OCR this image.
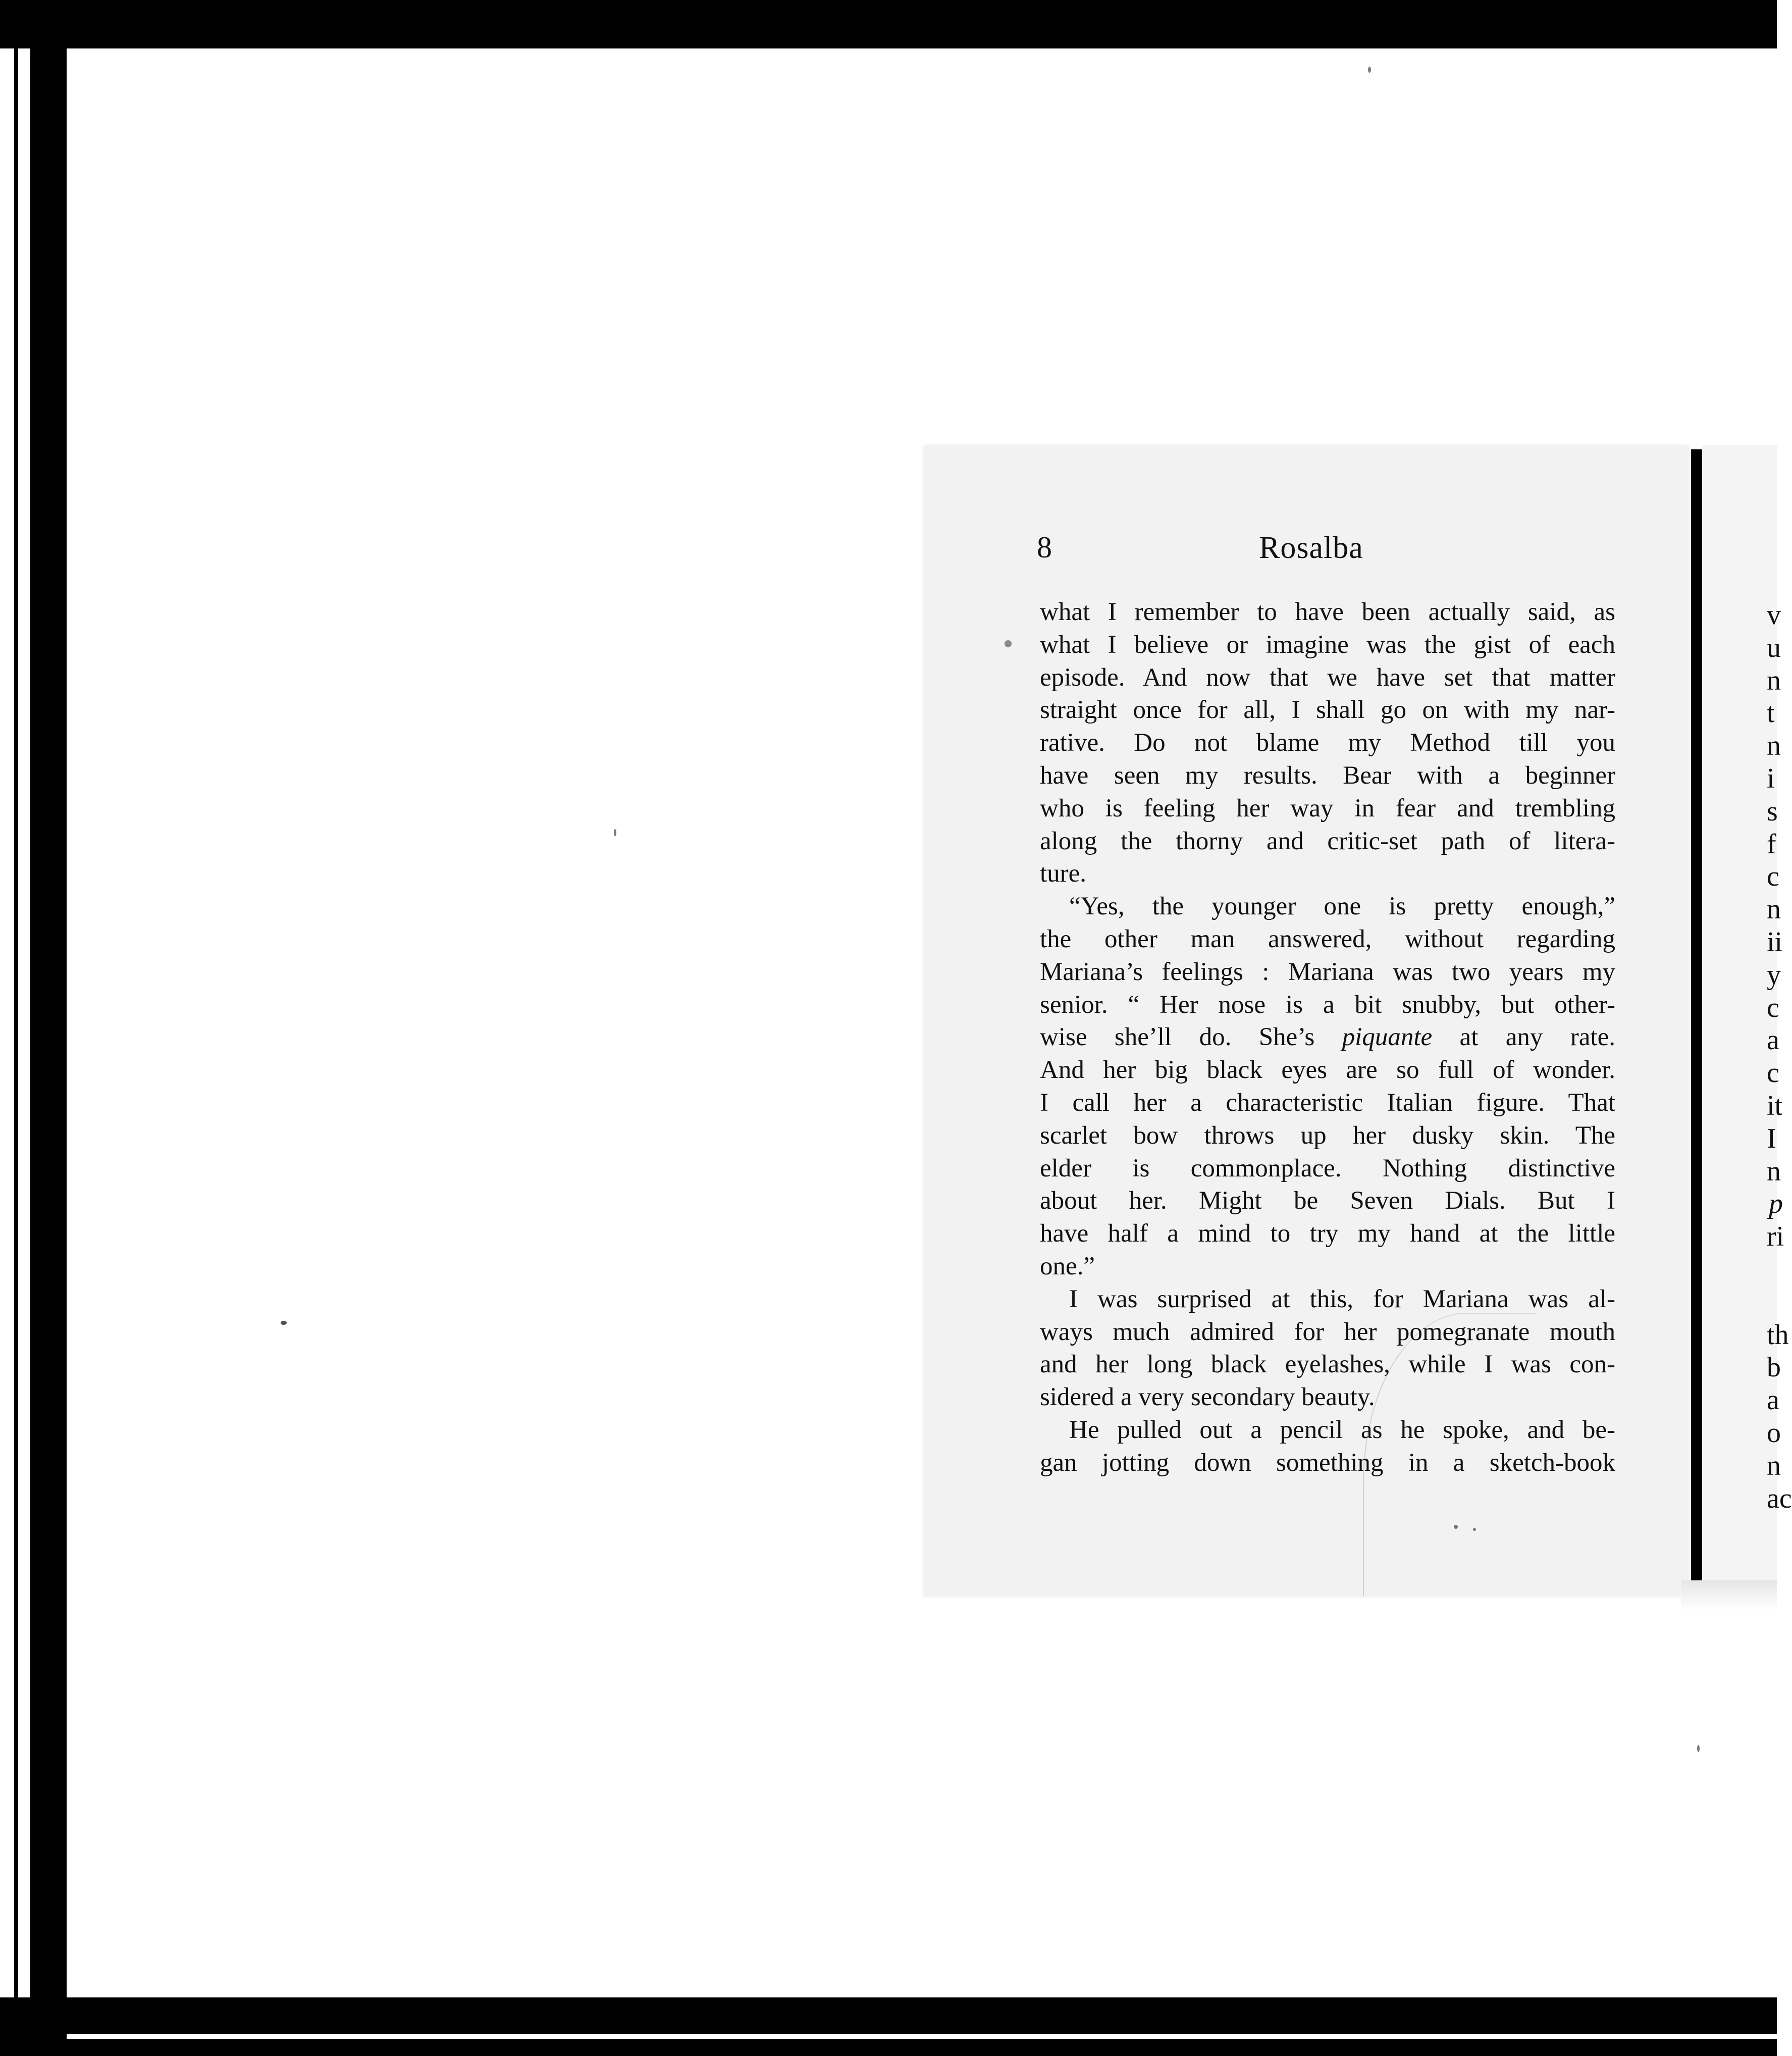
8	Rosalba
what I remember to have been actually said, as
what I believe or imagine was the gist of each
episode. And now that we have set that matter
straight once for all, I shall go on with my nar-
rative. Do not blame my Method till you
have seen my results. Bear with a beginner
who is feeling her way in fear and trembling
along the thorny and critic-set path of litera-
ture.
“Yes, the younger one is pretty enough,”
the other man answered, without regarding
Mariana’s feelings : Mariana was two years my
senior. “ Her nose is a bit snubby, but other-
wise she’ll do. She’s piquante at any rate.
And her big black eyes are so full of wonder.
I call her a characteristic Italian figure. That
scarlet bow throws up her dusky skin. The
elder is commonplace. Nothing distinctive
about her. Might be Seven Dials. But I
have half a mind to try my hand at the little
one.”
I was surprised at this, for Mariana was al-
ways much admired for her pomegranate mouth
and her long black eyelashes, while I was con-
sidered a very secondary beauty.
He pulled out a pencil as he spoke, and be-
gan jotting down something in a sketch-book
v
u
n
t
n
i
s
f
c
n
ii
y
c
a
c
it
I
n
p
ri
th
b
a
o
n
ac
